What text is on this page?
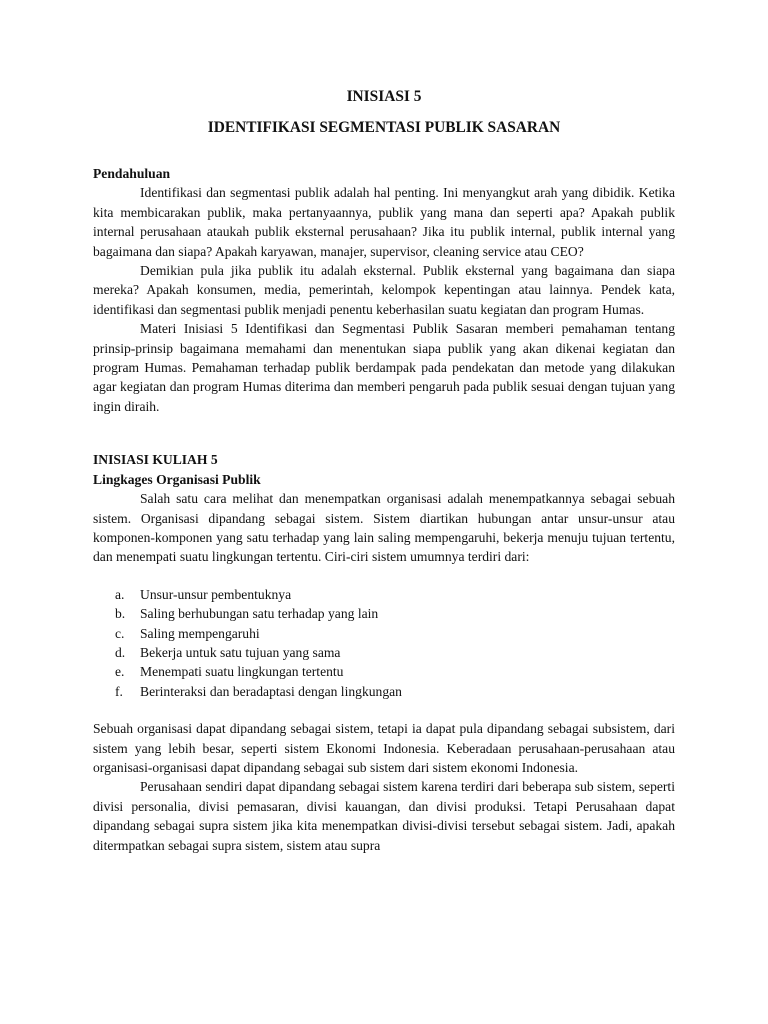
INISIASI 5
IDENTIFIKASI SEGMENTASI PUBLIK SASARAN
Pendahuluan

Identifikasi dan segmentasi publik adalah hal penting. Ini menyangkut arah yang dibidik. Ketika kita membicarakan publik, maka pertanyaannya, publik yang mana dan seperti apa? Apakah publik internal perusahaan ataukah publik eksternal perusahaan? Jika itu publik internal, publik internal yang bagaimana dan siapa? Apakah karyawan, manajer, supervisor, cleaning service atau CEO?

Demikian pula jika publik itu adalah eksternal. Publik eksternal yang bagaimana dan siapa mereka? Apakah konsumen, media, pemerintah, kelompok kepentingan atau lainnya. Pendek kata, identifikasi dan segmentasi publik menjadi penentu keberhasilan suatu kegiatan dan program Humas.

Materi Inisiasi 5 Identifikasi dan Segmentasi Publik Sasaran memberi pemahaman tentang prinsip-prinsip bagaimana memahami dan menentukan siapa publik yang akan dikenai kegiatan dan program Humas. Pemahaman terhadap publik berdampak pada pendekatan dan metode yang dilakukan agar kegiatan dan program Humas diterima dan memberi pengaruh pada publik sesuai dengan tujuan yang ingin diraih.

INISIASI KULIAH 5
Lingkages Organisasi Publik

Salah satu cara melihat dan menempatkan organisasi adalah menempatkannya sebagai sebuah sistem. Organisasi dipandang sebagai sistem. Sistem diartikan hubungan antar unsur-unsur atau komponen-komponen yang satu terhadap yang lain saling mempengaruhi, bekerja menuju tujuan tertentu, dan menempati suatu lingkungan tertentu. Ciri-ciri sistem umumnya terdiri dari:

a.	Unsur-unsur pembentuknya
b.	Saling berhubungan satu terhadap yang lain
c.	Saling mempengaruhi
d.	Bekerja untuk satu tujuan yang sama
e.	Menempati suatu lingkungan tertentu
f.	Berinteraksi dan beradaptasi dengan lingkungan

Sebuah organisasi dapat dipandang sebagai sistem, tetapi ia dapat pula dipandang sebagai subsistem, dari sistem yang lebih besar, seperti sistem Ekonomi Indonesia. Keberadaan perusahaan-perusahaan atau organisasi-organisasi dapat dipandang sebagai sub sistem dari sistem ekonomi Indonesia.

Perusahaan sendiri dapat dipandang sebagai sistem karena terdiri dari beberapa sub sistem, seperti divisi personalia, divisi pemasaran, divisi kauangan, dan divisi produksi. Tetapi Perusahaan dapat dipandang sebagai supra sistem jika kita menempatkan divisi-divisi tersebut sebagai sistem. Jadi, apakah ditermpatkan sebagai supra sistem, sistem atau supra
